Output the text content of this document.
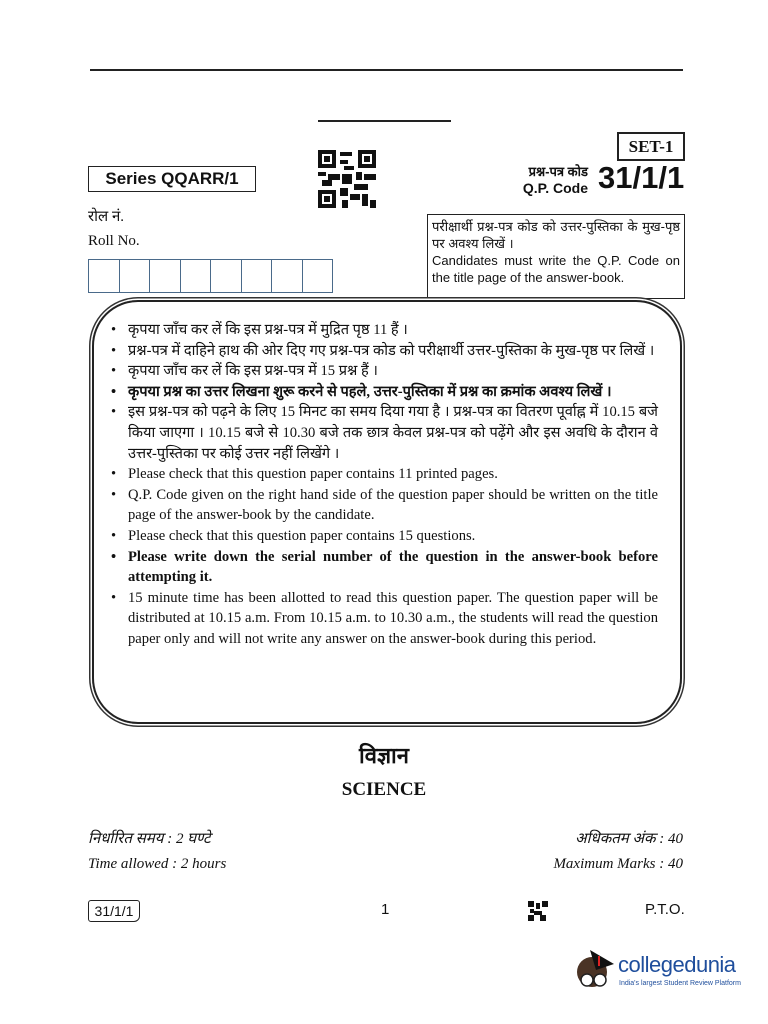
SET-1
Series QQARR/1	प्रश्न-पत्र कोड
Q.P. Code 31/1/1
रोल नं.
Roll No.
परीक्षार्थी प्रश्न-पत्र कोड को उत्तर-पुस्तिका के मुख-पृष्ठ पर अवश्य लिखें ।
Candidates must write the Q.P. Code on the title page of the answer-book.
• कृपया जाँच कर लें कि इस प्रश्न-पत्र में मुद्रित पृष्ठ 11 हैं ।
• प्रश्न-पत्र में दाहिने हाथ की ओर दिए गए प्रश्न-पत्र कोड को परीक्षार्थी उत्तर-पुस्तिका के मुख-पृष्ठ पर लिखें ।
• कृपया जाँच कर लें कि इस प्रश्न-पत्र में 15 प्रश्न हैं ।
• कृपया प्रश्न का उत्तर लिखना शुरू करने से पहले, उत्तर-पुस्तिका में प्रश्न का क्रमांक अवश्य लिखें ।
• इस प्रश्न-पत्र को पढ़ने के लिए 15 मिनट का समय दिया गया है । प्रश्न-पत्र का वितरण पूर्वाह्न में 10.15 बजे किया जाएगा । 10.15 बजे से 10.30 बजे तक छात्र केवल प्रश्न-पत्र को पढ़ेंगे और इस अवधि के दौरान वे उत्तर-पुस्तिका पर कोई उत्तर नहीं लिखेंगे ।
• Please check that this question paper contains 11 printed pages.
• Q.P. Code given on the right hand side of the question paper should be written on the title page of the answer-book by the candidate.
• Please check that this question paper contains 15 questions.
• Please write down the serial number of the question in the answer-book before attempting it.
• 15 minute time has been allotted to read this question paper. The question paper will be distributed at 10.15 a.m. From 10.15 a.m. to 10.30 a.m., the students will read the question paper only and will not write any answer on the answer-book during this period.
विज्ञान
SCIENCE
निर्धारित समय : 2 घण्टे
Time allowed : 2 hours
अधिकतम अंक : 40
Maximum Marks : 40
31/1/1	1	P.T.O.
collegedunia
India's largest Student Review Platform
